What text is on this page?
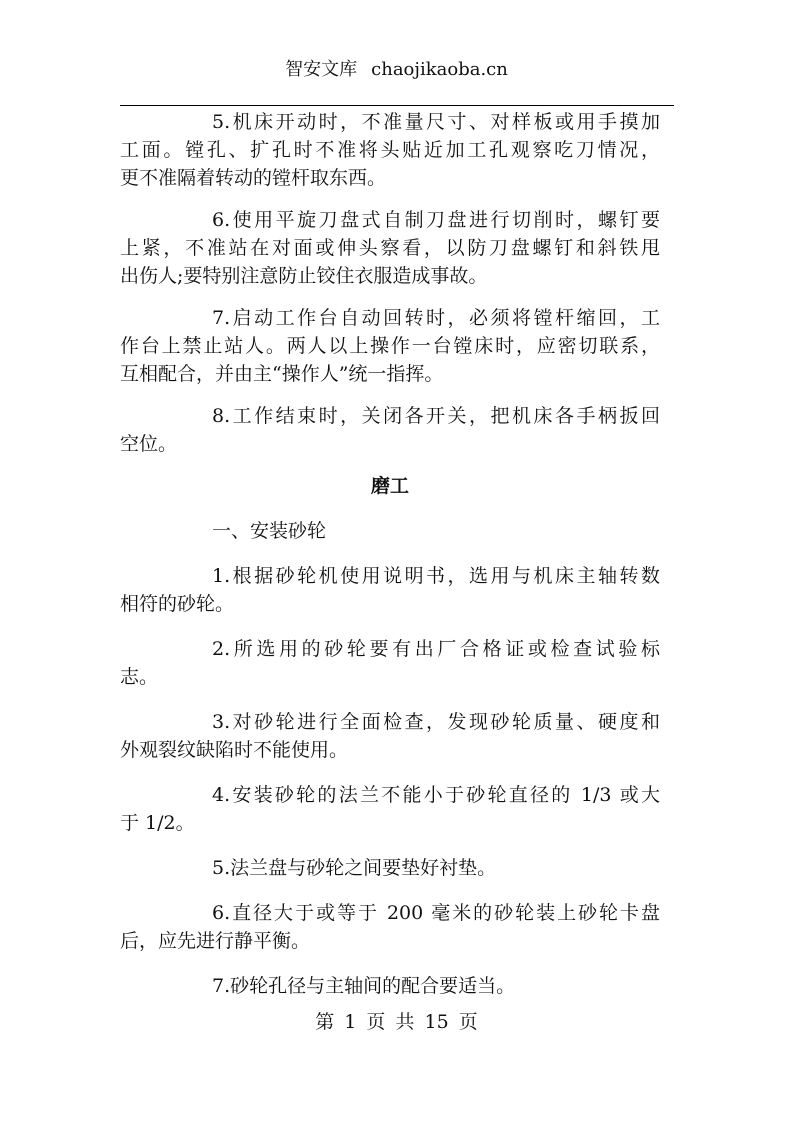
智安文库 chaojikaoba.cn
5.机床开动时，不准量尺寸、对样板或用手摸加
工面。镗孔、扩孔时不准将头贴近加工孔观察吃刀情况，
更不准隔着转动的镗杆取东西。
6.使用平旋刀盘式自制刀盘进行切削时，螺钉要
上紧，不准站在对面或伸头察看，以防刀盘螺钉和斜铁甩
出伤人;要特别注意防止铰住衣服造成事故。
7.启动工作台自动回转时，必须将镗杆缩回，工
作台上禁止站人。两人以上操作一台镗床时，应密切联系，
互相配合，并由主“操作人”统一指挥。
8.工作结束时，关闭各开关，把机床各手柄扳回
空位。
磨工
一、安装砂轮
1.根据砂轮机使用说明书，选用与机床主轴转数
相符的砂轮。
2.所选用的砂轮要有出厂合格证或检查试验标
志。
3.对砂轮进行全面检查，发现砂轮质量、硬度和
外观裂纹缺陷时不能使用。
4.安装砂轮的法兰不能小于砂轮直径的 1/3 或大
于 1/2。
5.法兰盘与砂轮之间要垫好衬垫。
6.直径大于或等于 200 毫米的砂轮装上砂轮卡盘
后，应先进行静平衡。
7.砂轮孔径与主轴间的配合要适当。
第 1 页 共 15 页
